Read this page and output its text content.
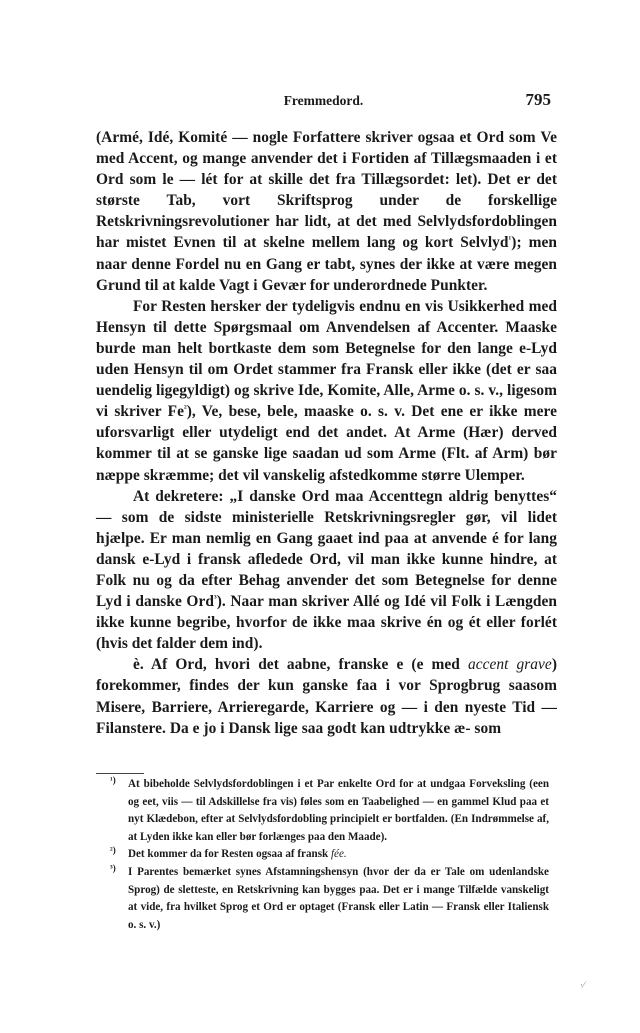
Fremmedord.	795

(Armé, Idé, Komité — nogle Forfattere skriver ogsaa et Ord som Ve med Accent, og mange anvender det i Fortiden af Tillægsmaaden i et Ord som le — lét for at skille det fra Tillægsordet: let). Det er det største Tab, vort Skriftsprog under de forskellige Retskrivningsrevolutioner har lidt, at det med Selvlydsfordoblingen har mistet Evnen til at skelne mellem lang og kort Selvlyd$^{^1}$); men naar denne Fordel nu en Gang er tabt, synes der ikke at være megen Grund til at kalde Vagt i Gevær for underordnede Punkter.

For Resten hersker der tydeligvis endnu en vis Usikkerhed med Hensyn til dette Spørgsmaal om Anvendelsen af Accenter. Maaske burde man helt bortkaste dem som Betegnelse for den lange e-Lyd uden Hensyn til om Ordet stammer fra Fransk eller ikke (det er saa uendelig ligegyldigt) og skrive Ide, Komite, Alle, Arme o. s. v., ligesom vi skriver $Fe^{^2}$), Ve, bese, bele, maaske o. s. v. Det ene er ikke mere uforsvarligt eller utydeligt end det andet. At Arme (Hær) derved kommer til at se ganske lige saadan ud som Arme (Flt. af Arm) bør næppe skræmme; det vil vanskelig afstedkomme større Ulemper.

At dekretere: „I danske Ord maa Accenttegn aldrig benyttes“ — som de sidste ministerielle Retskrivningsregler gør, vil lidet hjælpe. Er man nemlig en Gang gaaet ind paa at anvende é for lang dansk e-Lyd i fransk afledede Ord, vil man ikke kunne hindre, at Folk nu og da efter Behag anvender det som Betegnelse for denne Lyd i danske Ord$^{^3}$). Naar man skriver Allé og Idé vil Folk i Længden ikke kunne begribe, hvorfor de ikke maa skrive én og ét eller forlét (hvis det falder dem ind).

è. Af Ord, hvori det aabne, franske e (e med accent grave) forekommer, findes der kun ganske faa i vor Sprogbrug saasom Misere, Barriere, Arrieregarde, Karriere og — i den nyeste Tid — Filanstere. Da e jo i Dansk lige saa godt kan udtrykke æ- som

¹) At bibeholde Selvlydsfordoblingen i et Par enkelte Ord for at undgaa Forveksling (een og eet, viis — til Adskillelse fra vis) føles som en Taabelighed — en gammel Klud paa et nyt Klædebon, efter at Selvlydsfordobling principielt er bortfalden. (En Indrømmelse af, at Lyden ikke kan eller bør forlænges paa den Maade).

²) Det kommer da for Resten ogsaa af fransk fée.

³) I Parentes bemærket synes Afstamningshensyn (hvor der da er Tale om udenlandske Sprog) de sletteste, en Retskrivning kan bygges paa. Det er i mange Tilfælde vanskeligt at vide, fra hvilket Sprog et Ord er optaget (Fransk eller Latin — Fransk eller Italiensk o. s. v.)

·⁄
